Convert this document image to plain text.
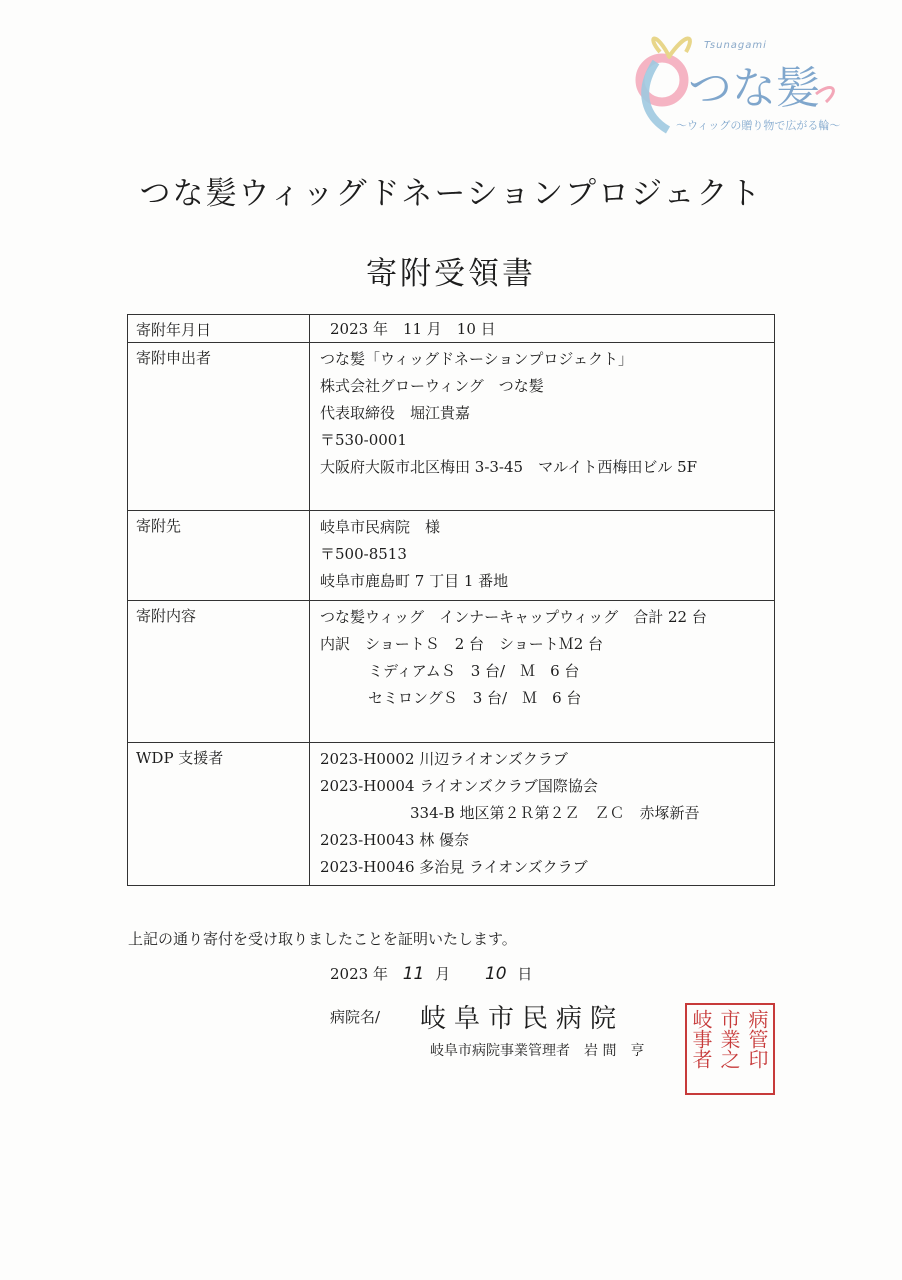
Tsunagami
つな髪
〜ウィッグの贈り物で広がる輪〜
つな髪ウィッグドネーションプロジェクト
寄附受領書
寄附年月日	2023 年　11 月　10 日
寄附申出者	つな髪「ウィッグドネーションプロジェクト」
株式会社グローウィング　つな髪
代表取締役　堀江貴嘉
〒530-0001
大阪府大阪市北区梅田 3-3-45　マルイト西梅田ビル 5F

寄附先	岐阜市民病院　様
〒500-8513
岐阜市鹿島町 7 丁目 1 番地

寄附内容	つな髪ウィッグ　インナーキャップウィッグ　合計 22 台
内訳　ショートＳ　2 台　ショートＭ2 台
ミディアムＳ　3 台/　Ｍ　6 台
セミロングＳ　3 台/　Ｍ　6 台

WDP 支援者	2023-H0002 川辺ライオンズクラブ
2023-H0004 ライオンズクラブ国際協会
334-B 地区第２Ｒ第２Ｚ　ＺＣ　赤塚新吾
2023-H0043 林 優奈
2023-H0046 多治見 ライオンズクラブ
上記の通り寄付を受け取りましたことを証明いたします。
2023 年 11 月 10 日
病院名/ 岐阜市民病院
岐阜市病院事業管理者　岩 間　亨	病管印
市業之
岐事者
